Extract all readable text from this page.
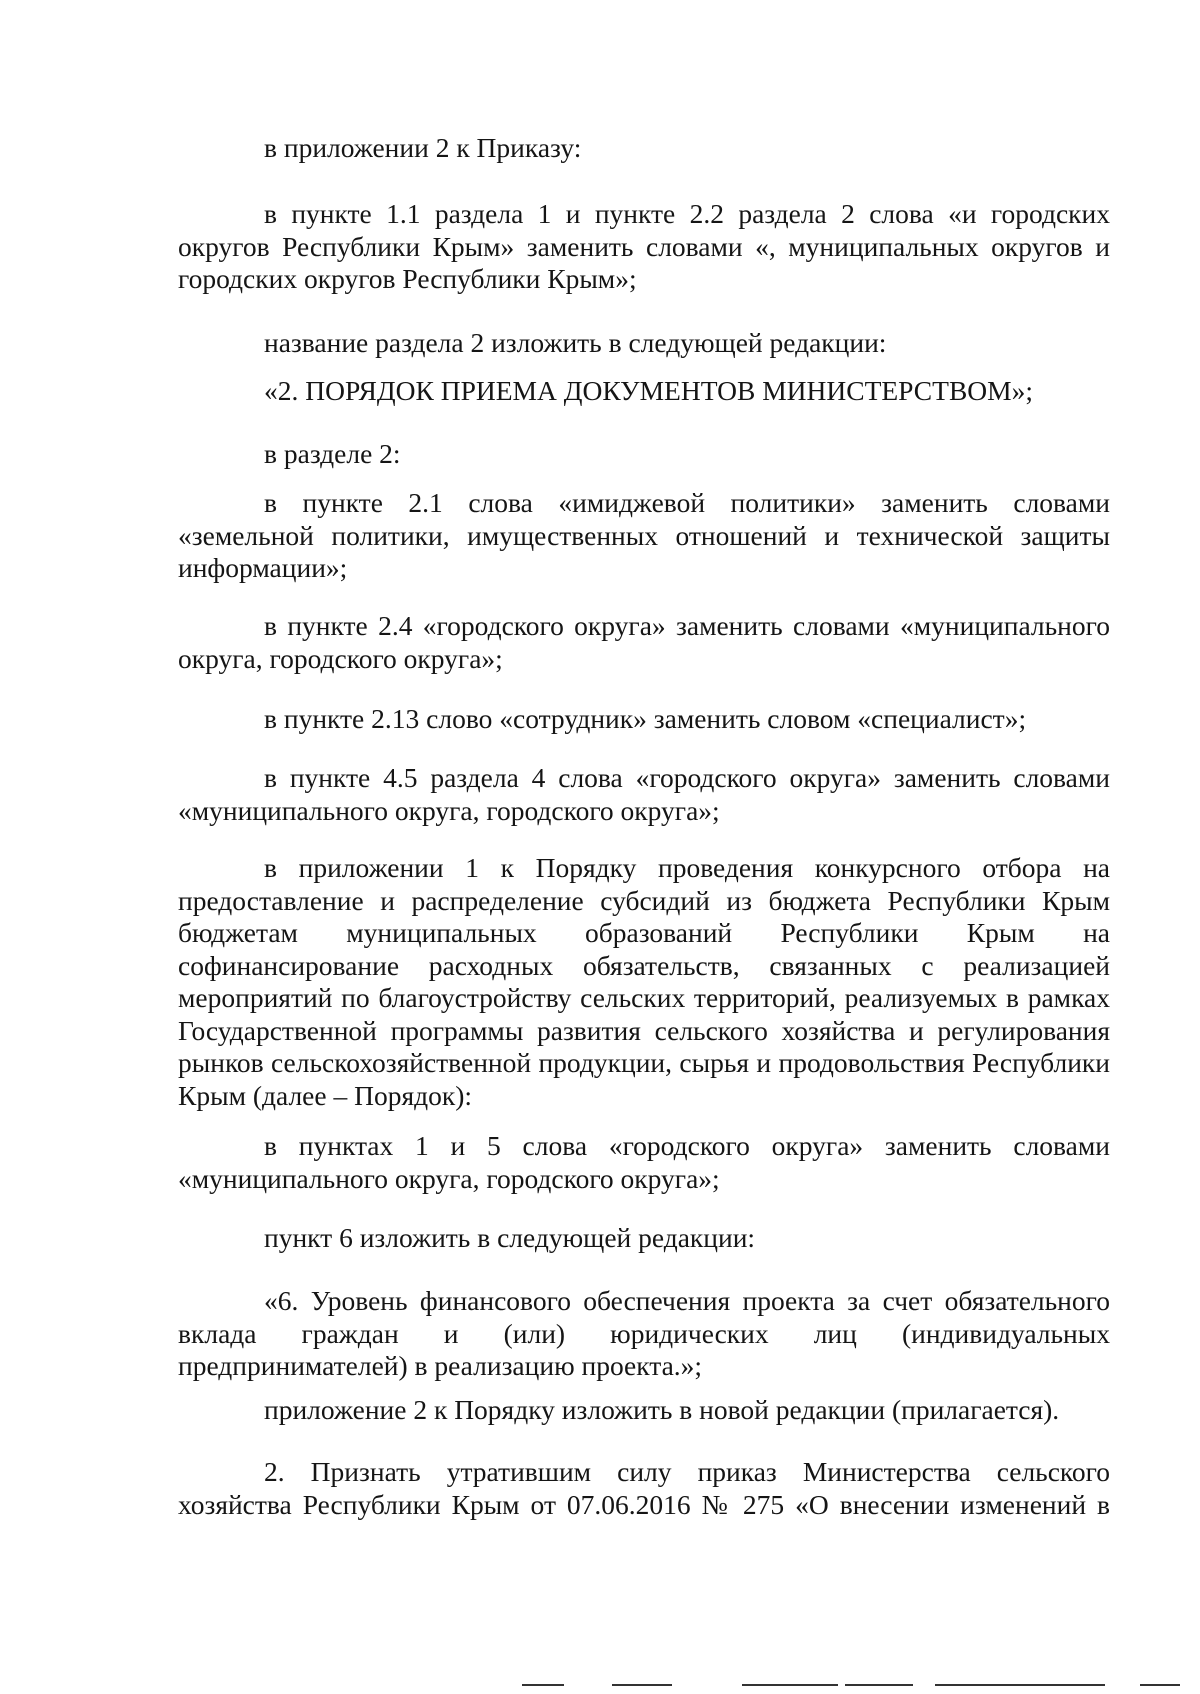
в приложении 2 к Приказу:

в пункте 1.1 раздела 1 и пункте 2.2 раздела 2 слова «и городских округов Республики Крым» заменить словами «, муниципальных округов и городских округов Республики Крым»;

название раздела 2 изложить в следующей редакции:

«2. ПОРЯДОК ПРИЕМА ДОКУМЕНТОВ МИНИСТЕРСТВОМ»;

в разделе 2:

в пункте 2.1 слова «имиджевой политики» заменить словами «земельной политики, имущественных отношений и технической защиты информации»;

в пункте 2.4 «городского округа» заменить словами «муниципального округа, городского округа»;

в пункте 2.13 слово «сотрудник» заменить словом «специалист»;

в пункте 4.5 раздела 4 слова «городского округа» заменить словами «муниципального округа, городского округа»;

в приложении 1 к Порядку проведения конкурсного отбора на предоставление и распределение субсидий из бюджета Республики Крым бюджетам муниципальных образований Республики Крым на софинансирование расходных обязательств, связанных с реализацией мероприятий по благоустройству сельских территорий, реализуемых в рамках Государственной программы развития сельского хозяйства и регулирования рынков сельскохозяйственной продукции, сырья и продовольствия Республики Крым (далее – Порядок):

в пунктах 1 и 5 слова «городского округа» заменить словами «муниципального округа, городского округа»;

пункт 6 изложить в следующей редакции:

«6. Уровень финансового обеспечения проекта за счет обязательного вклада граждан и (или) юридических лиц (индивидуальных предпринимателей) в реализацию проекта.»;

приложение 2 к Порядку изложить в новой редакции (прилагается).

2. Признать утратившим силу приказ Министерства сельского хозяйства Республики Крым от 07.06.2016 № 275 «О внесении изменений в
